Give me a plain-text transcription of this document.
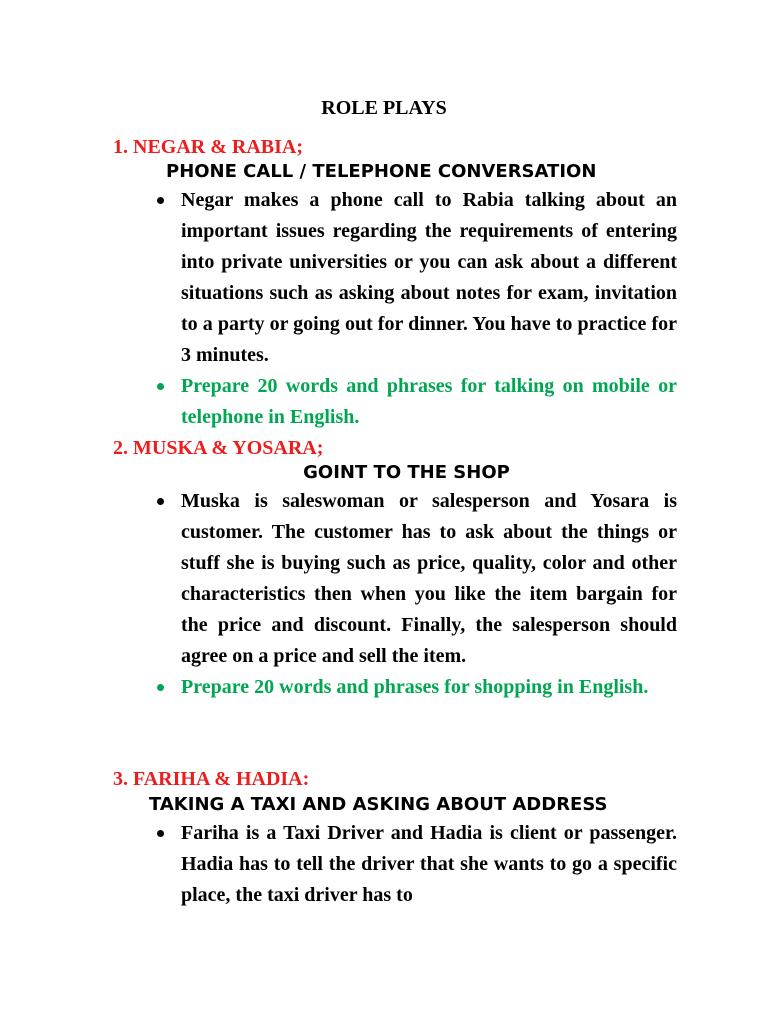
ROLE PLAYS
1. NEGAR & RABIA;
PHONE CALL / TELEPHONE CONVERSATION
Negar makes a phone call to Rabia talking about an important issues regarding the requirements of entering into private universities or you can ask about a different situations such as asking about notes for exam, invitation to a party or going out for dinner. You have to practice for 3 minutes.
Prepare 20 words and phrases for talking on mobile or telephone in English.
2. MUSKA & YOSARA;
GOINT TO THE SHOP
Muska is saleswoman or salesperson and Yosara is customer. The customer has to ask about the things or stuff she is buying such as price, quality, color and other characteristics then when you like the item bargain for the price and discount. Finally, the salesperson should agree on a price and sell the item.
Prepare 20 words and phrases for shopping in English.
3. FARIHA & HADIA:
TAKING A TAXI AND ASKING ABOUT ADDRESS
Fariha is a Taxi Driver and Hadia is client or passenger. Hadia has to tell the driver that she wants to go a specific place, the taxi driver has to
